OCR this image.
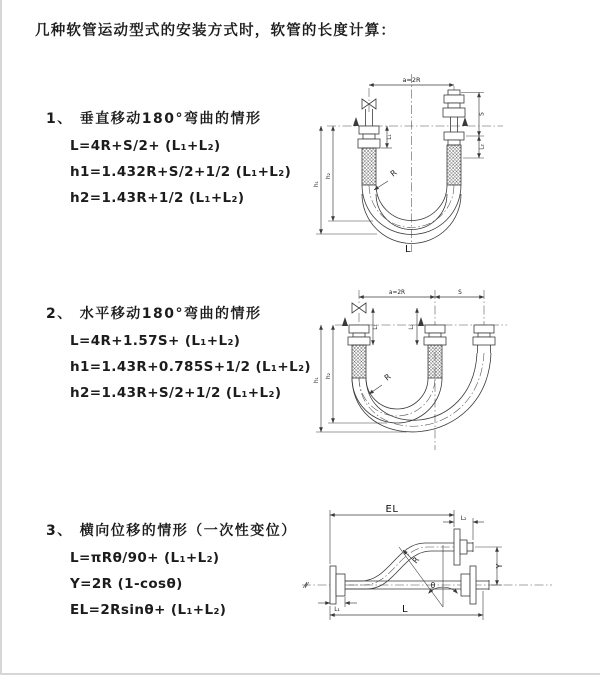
几种软管运动型式的安装方式时，软管的长度计算：
1、 垂直移动180°弯曲的情形
L=4R+S/2+ (L₁+L₂)
h1=1.432R+S/2+1/2 (L₁+L₂)
h2=1.43R+1/2 (L₁+L₂)
2、 水平移动180°弯曲的情形
L=4R+1.57S+ (L₁+L₂)
h1=1.43R+0.785S+1/2 (L₁+L₂)
h2=1.43R+S/2+1/2 (L₁+L₂)
3、 横向位移的情形（一次性变位）
L=πRθ/90+ (L₁+L₂)
Y=2R (1-cosθ)
EL=2Rsinθ+ (L₁+L₂)
a=2R
h₁
h₂
L₁
S
L₂
R
L
a=2R	S
L₁	L₂
h₁
h₂	R
EL
L₂
Y
L
L₁
θ
R
